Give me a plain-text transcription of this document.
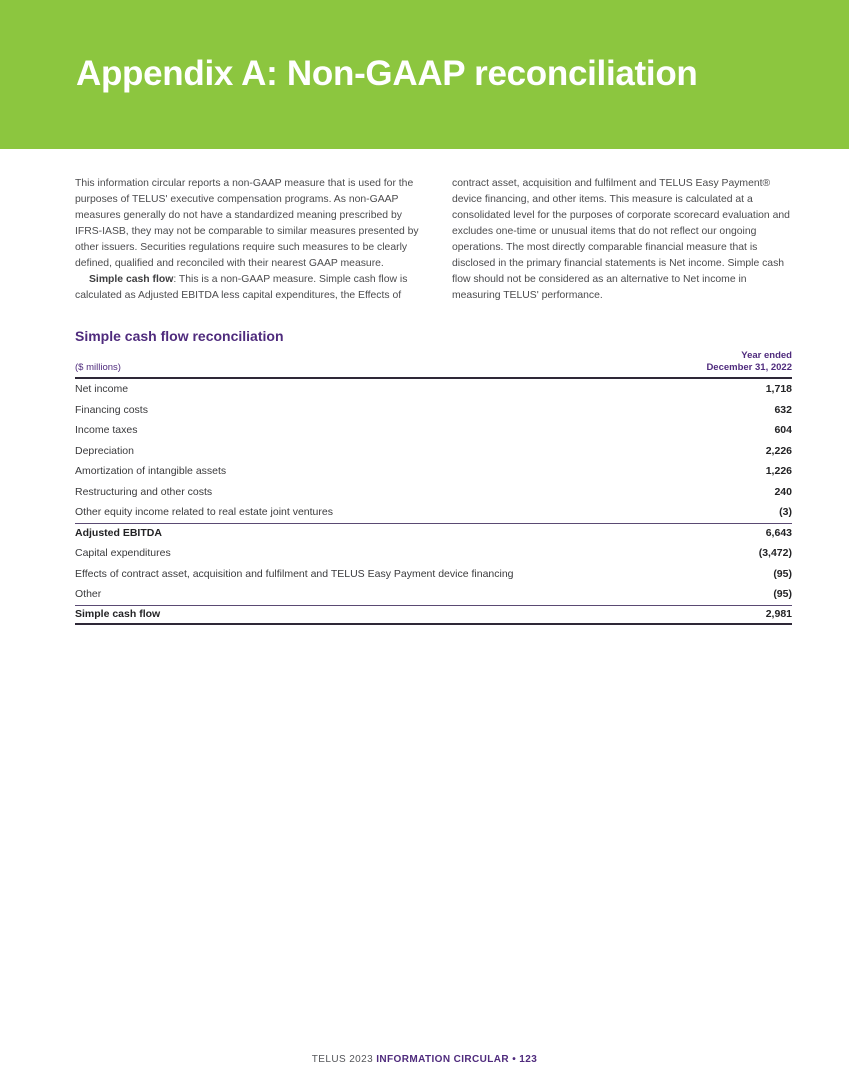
Appendix A: Non-GAAP reconciliation

This information circular reports a non-GAAP measure that is used for the purposes of TELUS' executive compensation programs. As non-GAAP measures generally do not have a standardized meaning prescribed by IFRS-IASB, they may not be comparable to similar measures presented by other issuers. Securities regulations require such measures to be clearly defined, qualified and reconciled with their nearest GAAP measure.

Simple cash flow: This is a non-GAAP measure. Simple cash flow is calculated as Adjusted EBITDA less capital expenditures, the Effects of

contract asset, acquisition and fulfilment and TELUS Easy Payment® device financing, and other items. This measure is calculated at a consolidated level for the purposes of corporate scorecard evaluation and excludes one-time or unusual items that do not reflect our ongoing operations. The most directly comparable financial measure that is disclosed in the primary financial statements is Net income. Simple cash flow should not be considered as an alternative to Net income in measuring TELUS' performance.

Simple cash flow reconciliation
($ millions)
Year ended
December 31, 2022
Net income	1,718
Financing costs	632
Income taxes	604
Depreciation	2,226
Amortization of intangible assets	1,226
Restructuring and other costs	240
Other equity income related to real estate joint ventures	(3)
Adjusted EBITDA	6,643
Capital expenditures	(3,472)
Effects of contract asset, acquisition and fulfilment and TELUS Easy Payment device financing	(95)
Other	(95)
Simple cash flow	2,981
TELUS 2023 INFORMATION CIRCULAR • 123
